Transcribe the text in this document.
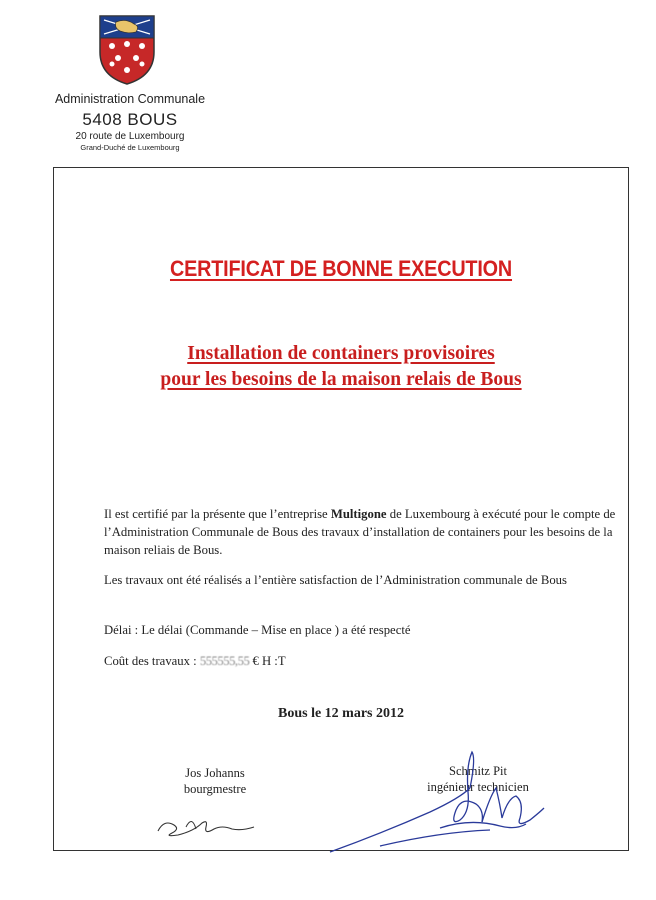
Administration Communale
5408 BOUS
20 route de Luxembourg
Grand-Duché de Luxembourg
CERTIFICAT DE BONNE EXECUTION
Installation de containers provisoires
pour les besoins de la maison relais de Bous
Il est certifié par la présente que l’entreprise Multigone de Luxembourg à exécuté pour le compte de l’Administration Communale de Bous des travaux d’installation de containers pour les besoins de la maison reliais de Bous.
Les travaux ont été réalisés a l’entière satisfaction de l’Administration communale de Bous
Délai : Le délai (Commande – Mise en place ) a été respecté
Coût des travaux : 555555,55 € H :T
Bous le 12 mars 2012
Jos Johanns
bourgmestre
Schmitz Pit
ingénieur technicien
